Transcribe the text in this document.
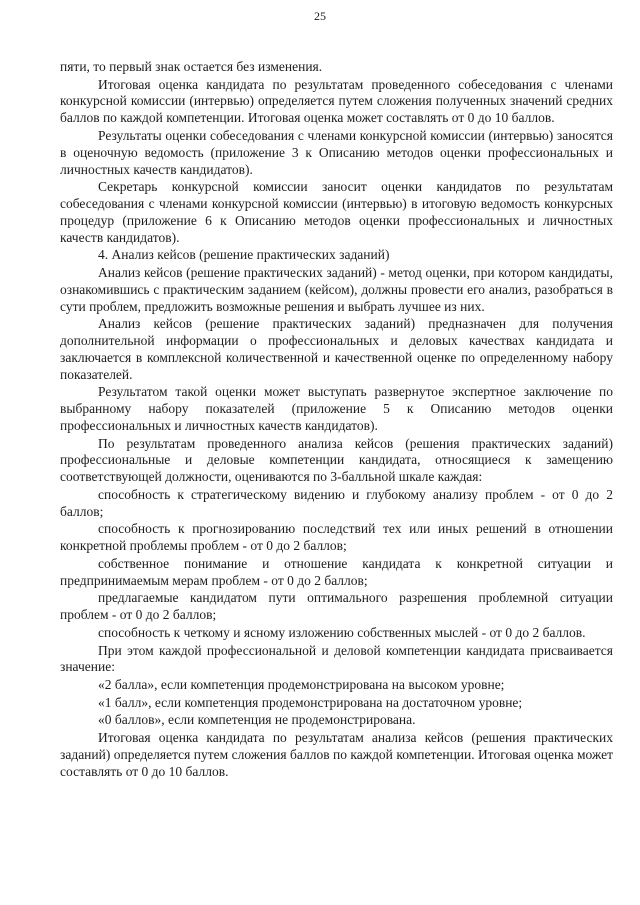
25

пяти, то первый знак остается без изменения.

Итоговая оценка кандидата по результатам проведенного собеседования с членами конкурсной комиссии (интервью) определяется путем сложения полученных значений средних баллов по каждой компетенции. Итоговая оценка может составлять от 0 до 10 баллов.

Результаты оценки собеседования с членами конкурсной комиссии (интервью) заносятся в оценочную ведомость (приложение 3 к Описанию методов оценки профессиональных и личностных качеств кандидатов).

Секретарь конкурсной комиссии заносит оценки кандидатов по результатам собеседования с членами конкурсной комиссии (интервью) в итоговую ведомость конкурсных процедур (приложение 6 к Описанию методов оценки профессиональных и личностных качеств кандидатов).

4. Анализ кейсов (решение практических заданий)

Анализ кейсов (решение практических заданий) - метод оценки, при котором кандидаты, ознакомившись с практическим заданием (кейсом), должны провести его анализ, разобраться в сути проблем, предложить возможные решения и выбрать лучшее из них.

Анализ кейсов (решение практических заданий) предназначен для получения дополнительной информации о профессиональных и деловых качествах кандидата и заключается в комплексной количественной и качественной оценке по определенному набору показателей.

Результатом такой оценки может выступать развернутое экспертное заключение по выбранному набору показателей (приложение 5 к Описанию методов оценки профессиональных и личностных качеств кандидатов).

По результатам проведенного анализа кейсов (решения практических заданий) профессиональные и деловые компетенции кандидата, относящиеся к замещению соответствующей должности, оцениваются по 3-балльной шкале каждая:

способность к стратегическому видению и глубокому анализу проблем - от 0 до 2 баллов;

способность к прогнозированию последствий тех или иных решений в отношении конкретной проблемы проблем - от 0 до 2 баллов;

собственное понимание и отношение кандидата к конкретной ситуации и предпринимаемым мерам проблем - от 0 до 2 баллов;

предлагаемые кандидатом пути оптимального разрешения проблемной ситуации проблем - от 0 до 2 баллов;

способность к четкому и ясному изложению собственных мыслей - от 0 до 2 баллов.

При этом каждой профессиональной и деловой компетенции кандидата присваивается значение:

«2 балла», если компетенция продемонстрирована на высоком уровне;

«1 балл», если компетенция продемонстрирована на достаточном уровне;

«0 баллов», если компетенция не продемонстрирована.

Итоговая оценка кандидата по результатам анализа кейсов (решения практических заданий) определяется путем сложения баллов по каждой компетенции. Итоговая оценка может составлять от 0 до 10 баллов.
